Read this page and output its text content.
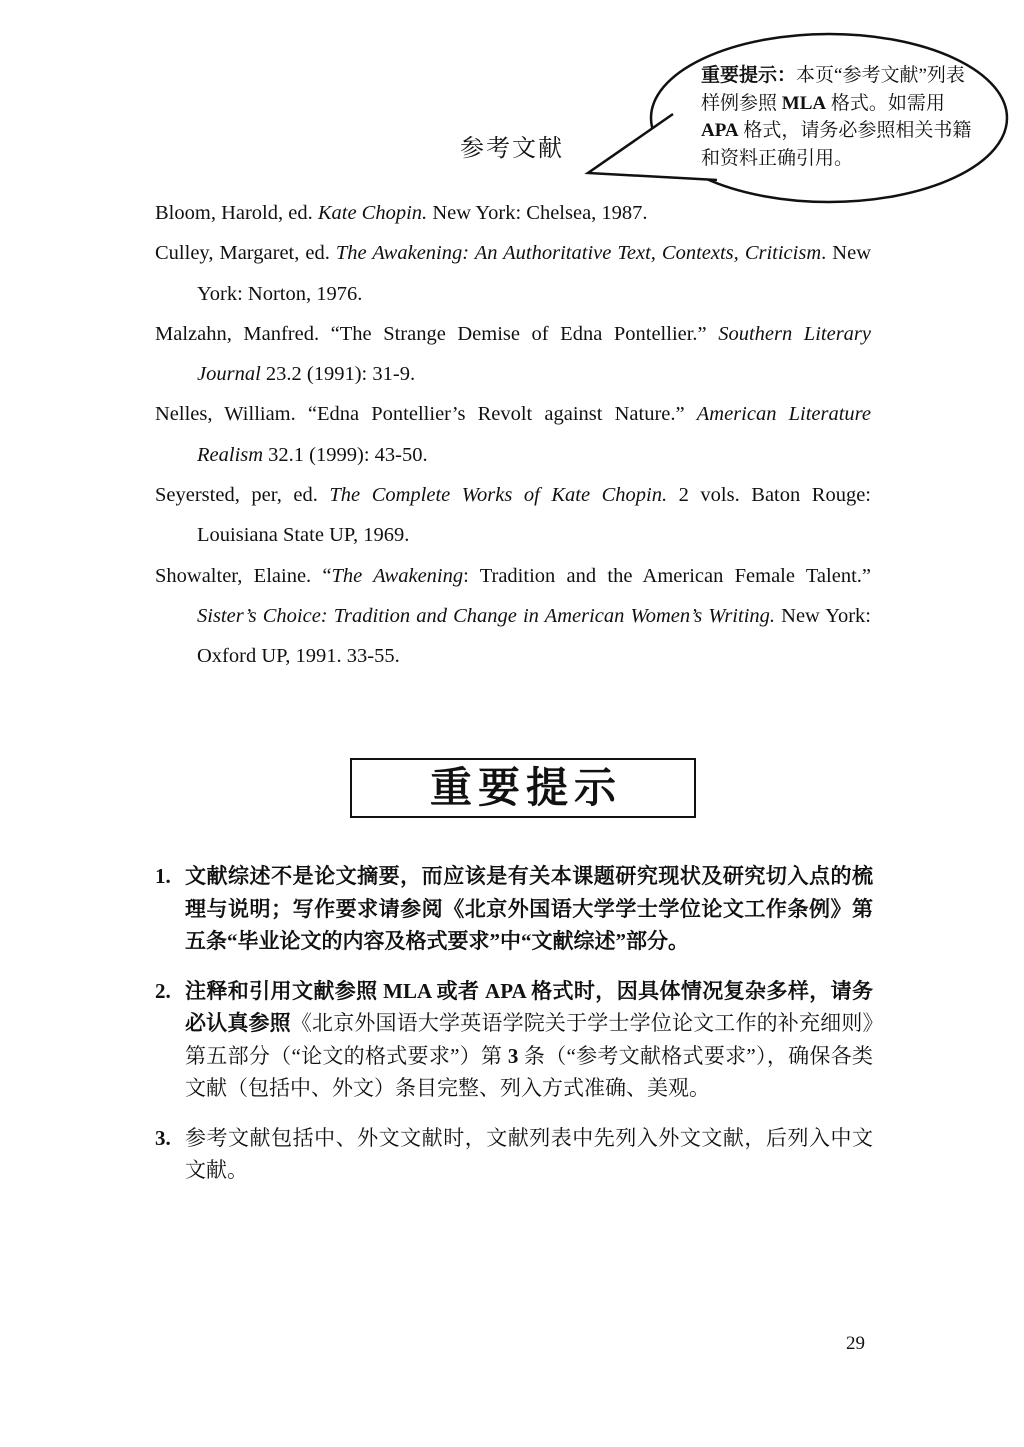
参考文献
重要提示：本页“参考文献”列表样例参照 MLA 格式。如需用 APA 格式，请务必参照相关书籍和资料正确引用。

Bloom, Harold, ed. Kate Chopin. New York: Chelsea, 1987.

Culley, Margaret, ed. The Awakening: An Authoritative Text, Contexts, Criticism. New York: Norton, 1976.

Malzahn, Manfred. “The Strange Demise of Edna Pontellier.” Southern Literary Journal 23.2 (1991): 31-9.

Nelles, William. “Edna Pontellier’s Revolt against Nature.” American Literature Realism 32.1 (1999): 43-50.

Seyersted, per, ed. The Complete Works of Kate Chopin. 2 vols. Baton Rouge: Louisiana State UP, 1969.

Showalter, Elaine. “The Awakening: Tradition and the American Female Talent.” Sister’s Choice: Tradition and Change in American Women’s Writing. New York: Oxford UP, 1991. 33-55.

重要提示
1. 文献综述不是论文摘要，而应该是有关本课题研究现状及研究切入点的梳理与说明；写作要求请参阅《北京外国语大学学士学位论文工作条例》第五条“毕业论文的内容及格式要求”中“文献综述”部分。
2. 注释和引用文献参照 MLA 或者 APA 格式时，因具体情况复杂多样，请务必认真参照《北京外国语大学英语学院关于学士学位论文工作的补充细则》第五部分（“论文的格式要求”）第 3 条（“参考文献格式要求”），确保各类文献（包括中、外文）条目完整、列入方式准确、美观。
3. 参考文献包括中、外文文献时，文献列表中先列入外文文献，后列入中文文献。
29
